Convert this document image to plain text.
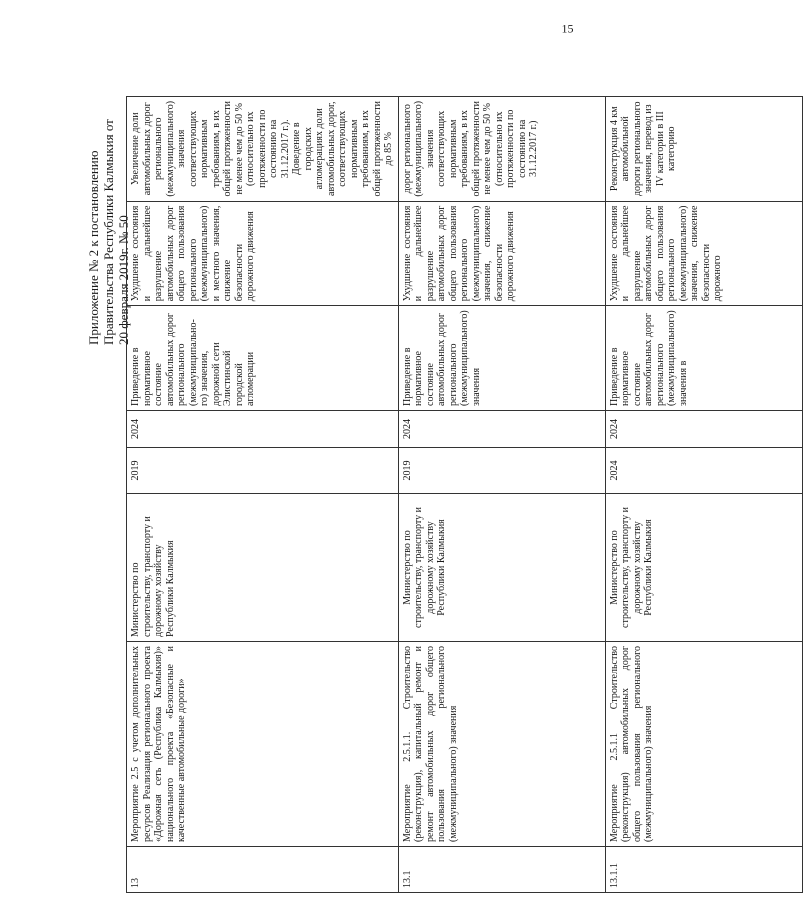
Приложение № 2 к постановлению Правительства Республики Калмыкия от 20 февраля 2019г. № 50
13	Мероприятие 2.5 с учетом дополнительных ресурсов Реализация регионального проекта «Дорожная сеть (Республика Калмыкия)» национального проекта «Безопасные и качественные автомобильные дороги»	Министерство по строительству, транспорту и дорожному хозяйству Республики Калмыкия	2019	2024	Приведение в нормативное состояние автомобильных дорог регионального (межмуниципально-го) значения, дорожной сети Элистинской городской агломерации	Ухудшение состояния и дальнейшее разрушение автомобильных дорог общего пользования регионального (межмуниципального) и местного значения, снижение безопасности дорожного движения	Увеличение доли автомобильных дорог регионального (межмуниципального) значения соответствующих нормативным требованиям, в их общей протяженности не менее чем до 50 % (относительно их протяженности по состоянию на 31.12.2017 г.). Доведение в городских агломерациях доли автомобильных дорог, соответствующих нормативным требованиям, в их общей протяженности до 85 %
13.1	Мероприятие 2.5.1.1. Строительство (реконструкция), капитальный ремонт и ремонт автомобильных дорог общего пользования регионального (межмуниципального) значения	Министерство по строительству, транспорту и дорожному хозяйству Республики Калмыкия	2019	2024	Приведение в нормативное состояние автомобильных дорог регионального (межмуниципального) значения	Ухудшение состояния и дальнейшее разрушение автомобильных дорог общего пользования регионального (межмуниципального) значения, снижение безопасности дорожного движения	дорог регионального (межмуниципального) значения соответствующих нормативным требованиям, в их общей протяженности не менее чем до 50 % (относительно их протяженности по состоянию на 31.12.2017 г.)
13.1.1	Мероприятие 2.5.1.1 Строительство (реконструкция) автомобильных дорог общего пользования регионального (межмуниципального) значения	Министерство по строительству, транспорту и дорожному хозяйству Республики Калмыкия	2024	2024	Приведение в нормативное состояние автомобильных дорог регионального (межмуниципального) значения в	Ухудшение состояния и дальнейшее разрушение автомобильных дорог общего пользования регионального (межмуниципального) значения, снижение безопасности дорожного	Реконструкция 4 км автомобильной дороги регионального значения, перевод из IV категории в III категорию
15
